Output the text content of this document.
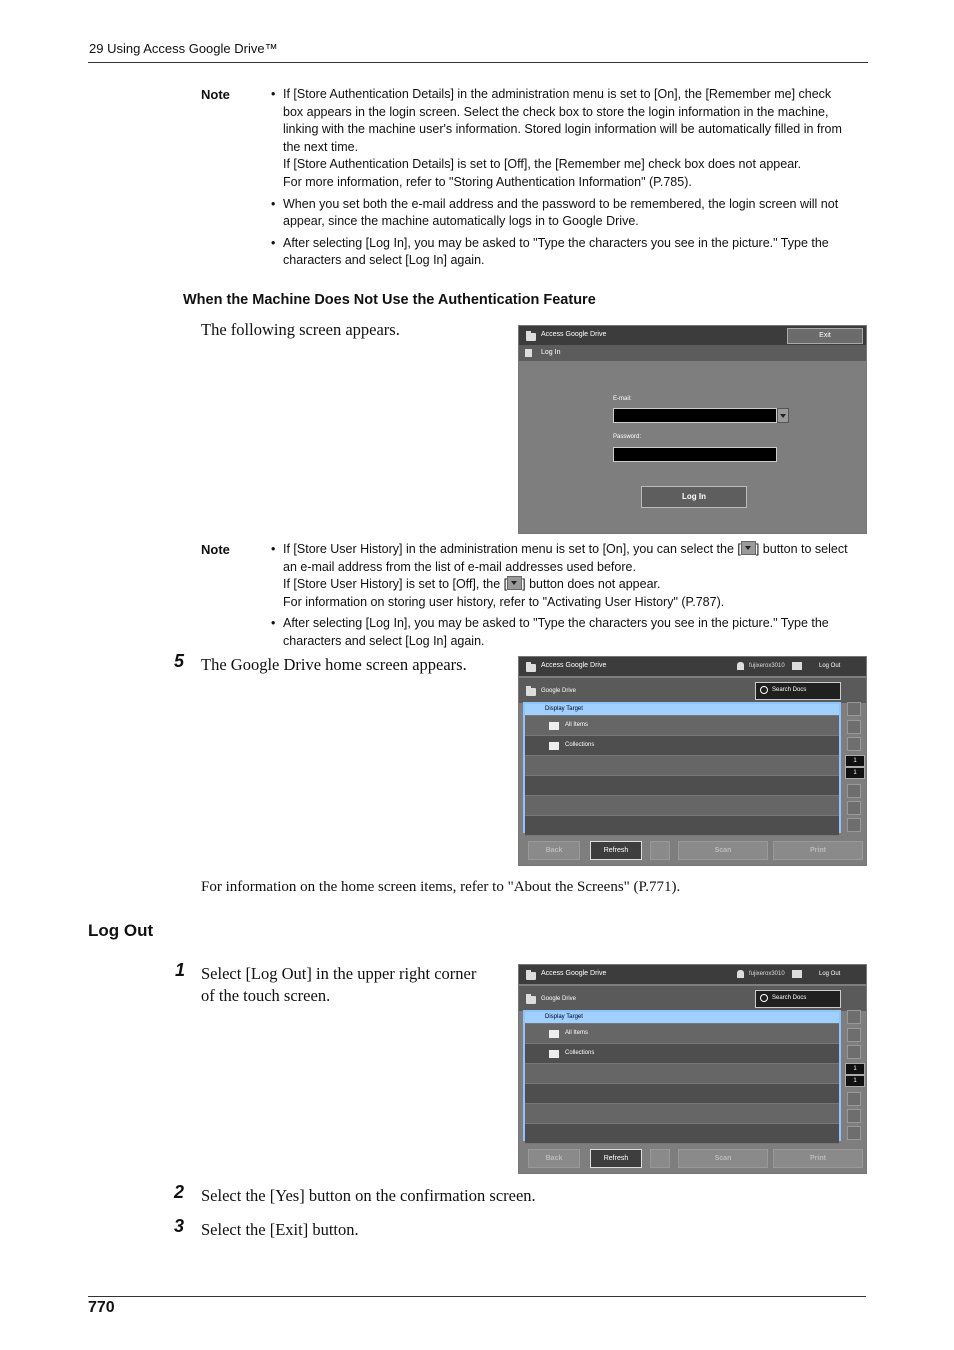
29 Using Access Google Drive™
Note	• If [Store Authentication Details] in the administration menu is set to [On], the [Remember me] check

box appears in the login screen. Select the check box to store the login information in the machine,

linking with the machine user's information. Stored login information will be automatically filled in from

the next time.

If [Store Authentication Details] is set to [Off], the [Remember me] check box does not appear.

For more information, refer to "Storing Authentication Information" (P.785).

• When you set both the e-mail address and the password to be remembered, the login screen will not

appear, since the machine automatically logs in to Google Drive.

• After selecting [Log In], you may be asked to "Type the characters you see in the picture." Type the

characters and select [Log In] again.

When the Machine Does Not Use the Authentication Feature
The following screen appears.	Access Google Drive	Exit
Log In
E-mail:
Password:
Log In
Note	• If [Store User History] in the administration menu is set to [On], you can select the [ ] button to select

an e-mail address from the list of e-mail addresses used before.

If [Store User History] is set to [Off], the [ ] button does not appear.

For information on storing user history, refer to "Activating User History" (P.787).

• After selecting [Log In], you may be asked to "Type the characters you see in the picture." Type the

characters and select [Log In] again.

5 The Google Drive home screen appears.	Access Google Drive	fujixerox3010	Log Out
Google Drive	Search Docs
Display Target
All Items
Collections
1
1
Back	Refresh	Scan	Print
For information on the home screen items, refer to "About the Screens" (P.771).
Log Out
1 Select [Log Out] in the upper right corner
of the touch screen.
Access Google Drive	fujixerox3010	Log Out
Google Drive	Search Docs
Display Target
All Items
Collections
1
1
Back	Refresh	Scan	Print
2 Select the [Yes] button on the confirmation screen.
3 Select the [Exit] button.
770
